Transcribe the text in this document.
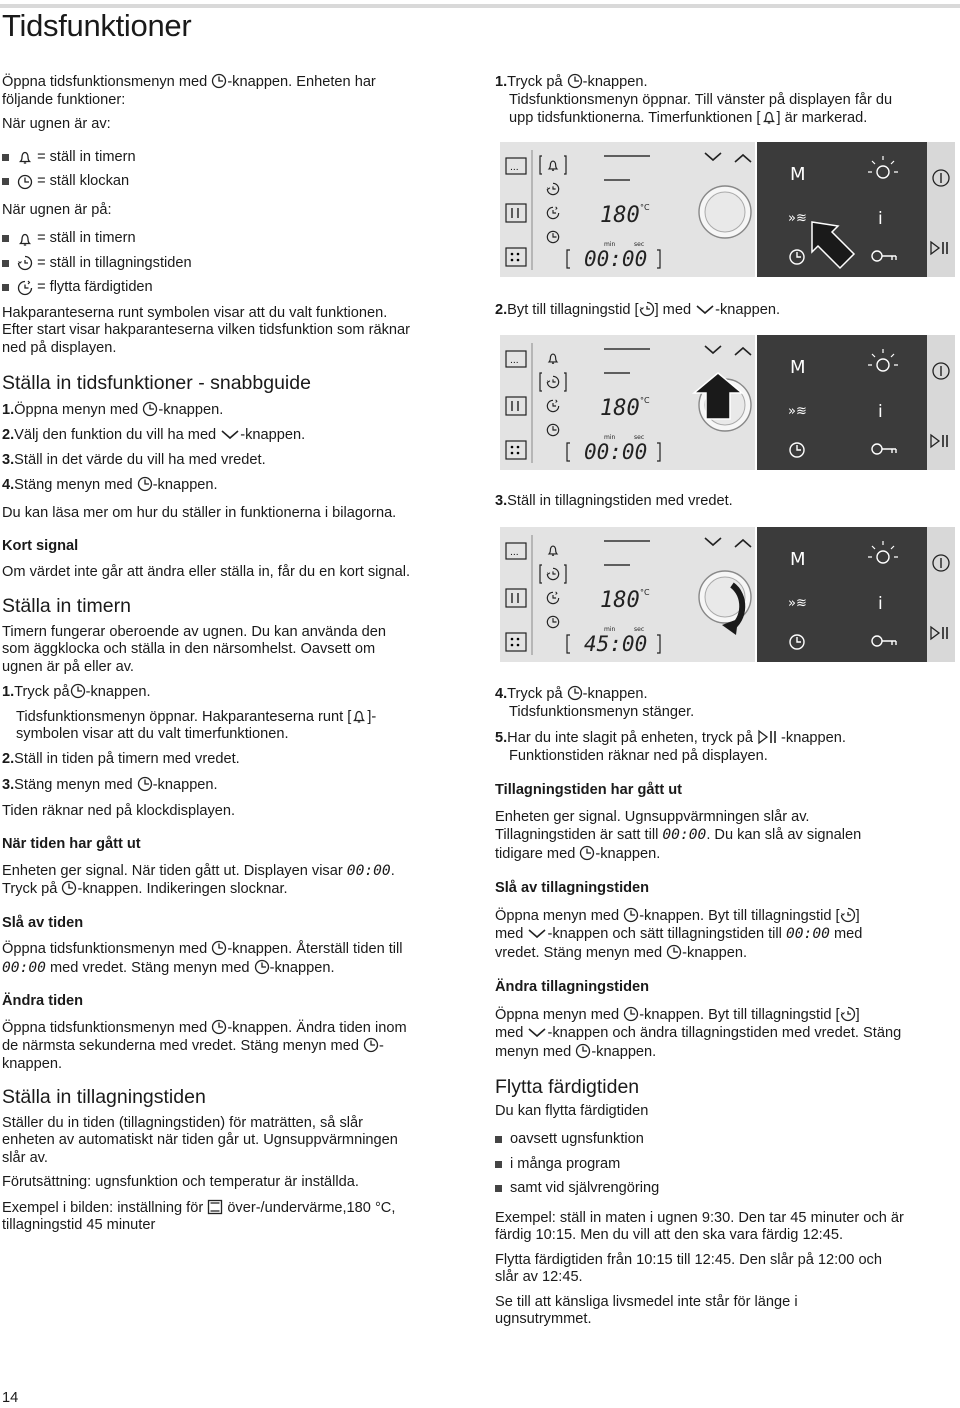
Tidsfunktioner

Öppna tidsfunktionsmenyn med -knappen. Enheten har
följande funktioner:

När ugnen är av:

= ställ in timern

= ställ klockan

När ugnen är på:

= ställ in timern

= ställ in tillagningstiden

= flytta färdigtiden

Hakparanteserna runt symbolen visar att du valt funktionen.
Efter start visar hakparanteserna vilken tidsfunktion som räknar
ned på displayen.

Ställa in tidsfunktioner - snabbguide

1.Öppna menyn med -knappen.

2.Välj den funktion du vill ha med -knappen.

3.Ställ in det värde du vill ha med vredet.

4.Stäng menyn med -knappen.

Du kan läsa mer om hur du ställer in funktionerna i bilagorna.

Kort signal

Om värdet inte går att ändra eller ställa in, får du en kort signal.

Ställa in timern

Timern fungerar oberoende av ugnen. Du kan använda den
som äggklocka och ställa in den närsomhelst. Oavsett om
ugnen är på eller av.

1.Tryck på -knappen.

Tidsfunktionsmenyn öppnar. Hakparanteserna runt [ ]-
symbolen visar att du valt timerfunktionen.

2.Ställ in tiden på timern med vredet.

3.Stäng menyn med -knappen.

Tiden räknar ned på klockdisplayen.

När tiden har gått ut

Enheten ger signal. När tiden gått ut. Displayen visar 00:00.
Tryck på -knappen. Indikeringen slocknar.

Slå av tiden

Öppna tidsfunktionsmenyn med -knappen. Återställ tiden till
00:00 med vredet. Stäng menyn med -knappen.

Ändra tiden

Öppna tidsfunktionsmenyn med -knappen. Ändra tiden inom
de närmsta sekunderna med vredet. Stäng menyn med -
knappen.

Ställa in tillagningstiden

Ställer du in tiden (tillagningstiden) för maträtten, så slår
enheten av automatiskt när tiden går ut. Ugnsuppvärmningen
slår av.

Förutsättning: ugnsfunktion och temperatur är inställda.

Exempel i bilden: inställning för över-/undervärme,180 °C,
tillagningstid 45 minuter

1.Tryck på -knappen.
Tidsfunktionsmenyn öppnar. Till vänster på displayen får du
upp tidsfunktionerna. Timerfunktionen [ ] är markerad.

...
180 °C
min	sec
00:00
M
»≋	i
...
180 °C
min	sec
00:00
M
»≋	i
...
180 °C
min	sec
45:00
M
»≋	i

2.Byt till tillagningstid [ ] med -knappen.

3.Ställ in tillagningstiden med vredet.

4.Tryck på -knappen.
Tidsfunktionsmenyn stänger.

5.Har du inte slagit på enheten, tryck på -knappen.
Funktionstiden räknar ned på displayen.

Tillagningstiden har gått ut

Enheten ger signal. Ugnsuppvärmningen slår av.
Tillagningstiden är satt till 00:00. Du kan slå av signalen
tidigare med -knappen.

Slå av tillagningstiden

Öppna menyn med -knappen. Byt till tillagningstid [ ]
med -knappen och sätt tillagningstiden till 00:00 med
vredet. Stäng menyn med -knappen.

Ändra tillagningstiden

Öppna menyn med -knappen. Byt till tillagningstid [ ]
med -knappen och ändra tillagningstiden med vredet. Stäng
menyn med -knappen.

Flytta färdigtiden

Du kan flytta färdigtiden

oavsett ugnsfunktion

i många program

samt vid självrengöring

Exempel: ställ in maten i ugnen 9:30. Den tar 45 minuter och är
färdig 10:15. Men du vill att den ska vara färdig 12:45.

Flytta färdigtiden från 10:15 till 12:45. Den slår på 12:00 och
slår av 12:45.

Se till att känsliga livsmedel inte står för länge i
ugnsutrymmet.

14
